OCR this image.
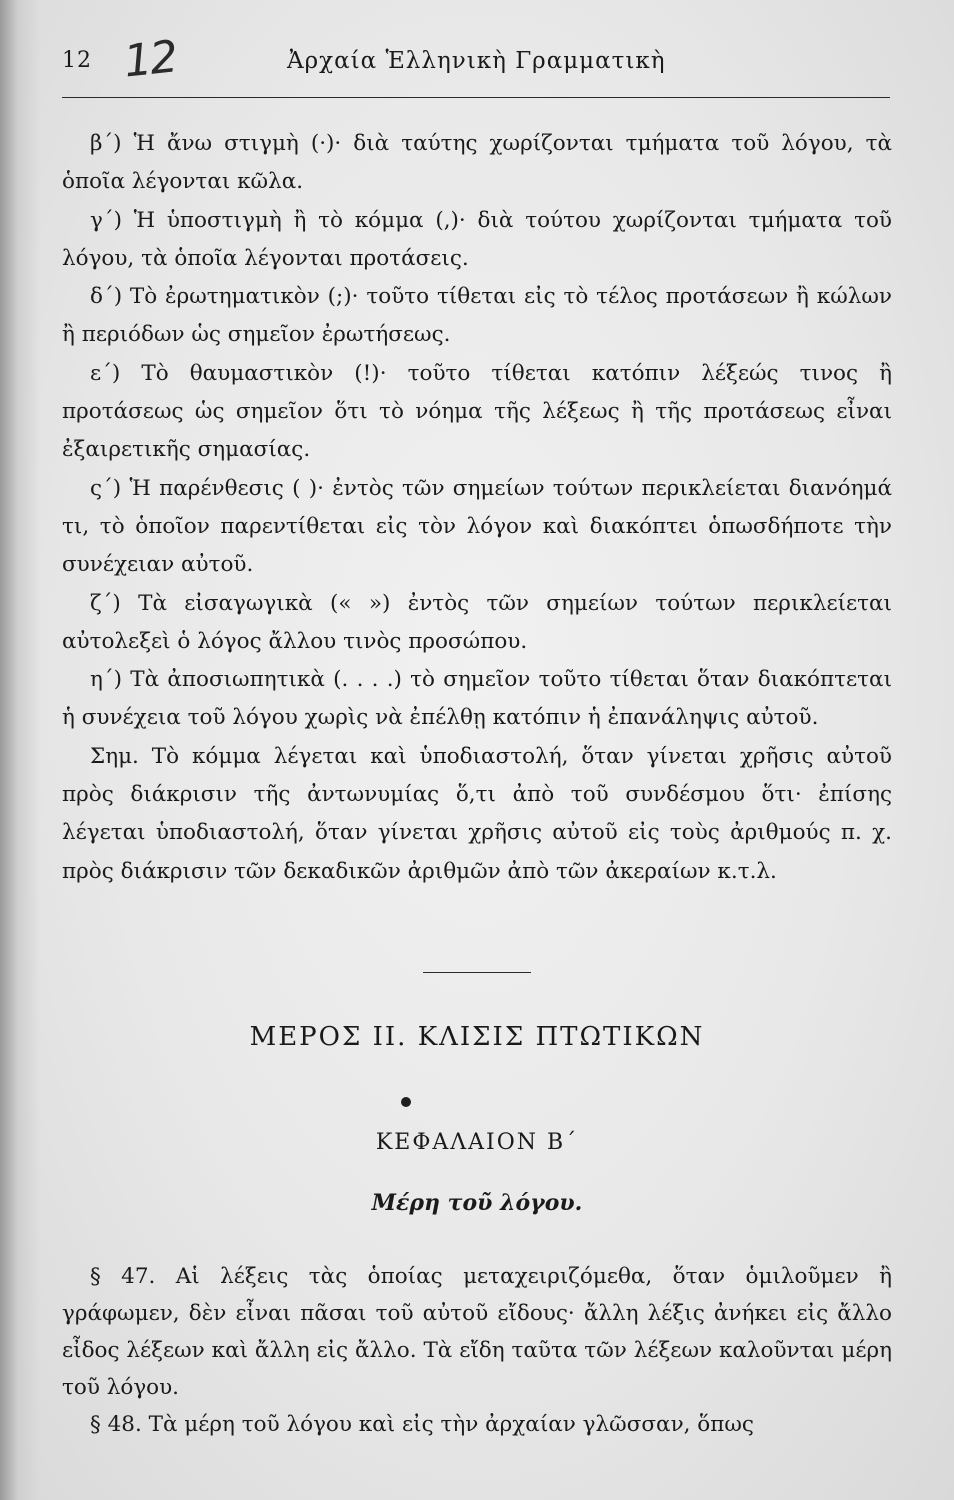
12 12	Ἀρχαία Ἑλληνικὴ Γραμματικὴ

β΄) Ἡ ἄνω στιγμὴ (·)· διὰ ταύτης χωρίζονται τμήματα τοῦ λόγου, τὰ ὁποῖα λέγονται κῶλα.

γ΄) Ἡ ὑποστιγμὴ ἢ τὸ κόμμα (,)· διὰ τούτου χωρίζονται τμήματα τοῦ λόγου, τὰ ὁποῖα λέγονται προτάσεις.

δ΄) Τὸ ἐρωτηματικὸν (;)· τοῦτο τίθεται εἰς τὸ τέλος προτάσεων ἢ κώλων ἢ περιόδων ὡς σημεῖον ἐρωτήσεως.

ε΄) Τὸ θαυμαστικὸν (!)· τοῦτο τίθεται κατόπιν λέξεώς τινος ἢ προτάσεως ὡς σημεῖον ὅτι τὸ νόημα τῆς λέξεως ἢ τῆς προτάσεως εἶναι ἐξαιρετικῆς σημασίας.

ς΄) Ἡ παρένθεσις ( )· ἐντὸς τῶν σημείων τούτων περικλείεται διανόημά τι, τὸ ὁποῖον παρεντίθεται εἰς τὸν λόγον καὶ διακόπτει ὁπωσδήποτε τὴν συνέχειαν αὐτοῦ.

ζ΄) Τὰ εἰσαγωγικὰ (« ») ἐντὸς τῶν σημείων τούτων περικλείεται αὐτολεξεὶ ὁ λόγος ἄλλου τινὸς προσώπου.

η΄) Τὰ ἀποσιωπητικὰ (. . . .) τὸ σημεῖον τοῦτο τίθεται ὅταν διακόπτεται ἡ συνέχεια τοῦ λόγου χωρὶς νὰ ἐπέλθῃ κατόπιν ἡ ἐπανάληψις αὐτοῦ.

Σημ. Τὸ κόμμα λέγεται καὶ ὑποδιαστολή, ὅταν γίνεται χρῆσις αὐτοῦ πρὸς διάκρισιν τῆς ἀντωνυμίας ὅ,τι ἀπὸ τοῦ συνδέσμου ὅτι· ἐπίσης λέγεται ὑποδιαστολή, ὅταν γίνεται χρῆσις αὐτοῦ εἰς τοὺς ἀριθμούς π. χ. πρὸς διάκρισιν τῶν δεκαδικῶν ἀριθμῶν ἀπὸ τῶν ἀκεραίων κ.τ.λ.

ΜΕΡΟΣ ΙΙ. ΚΛΙΣΙΣ ΠΤΩΤΙΚΩΝ
ΚΕΦΑΛΑΙΟΝ Β΄
Μέρη τοῦ λόγου.

§ 47. Αἱ λέξεις τὰς ὁποίας μεταχειριζόμεθα, ὅταν ὁμιλοῦμεν ἢ γράφωμεν, δὲν εἶναι πᾶσαι τοῦ αὐτοῦ εἴδους· ἄλλη λέξις ἀνήκει εἰς ἄλλο εἶδος λέξεων καὶ ἄλλη εἰς ἄλλο. Τὰ εἴδη ταῦτα τῶν λέξεων καλοῦνται μέρη τοῦ λόγου.

§ 48. Τὰ μέρη τοῦ λόγου καὶ εἰς τὴν ἀρχαίαν γλῶσσαν, ὅπως
